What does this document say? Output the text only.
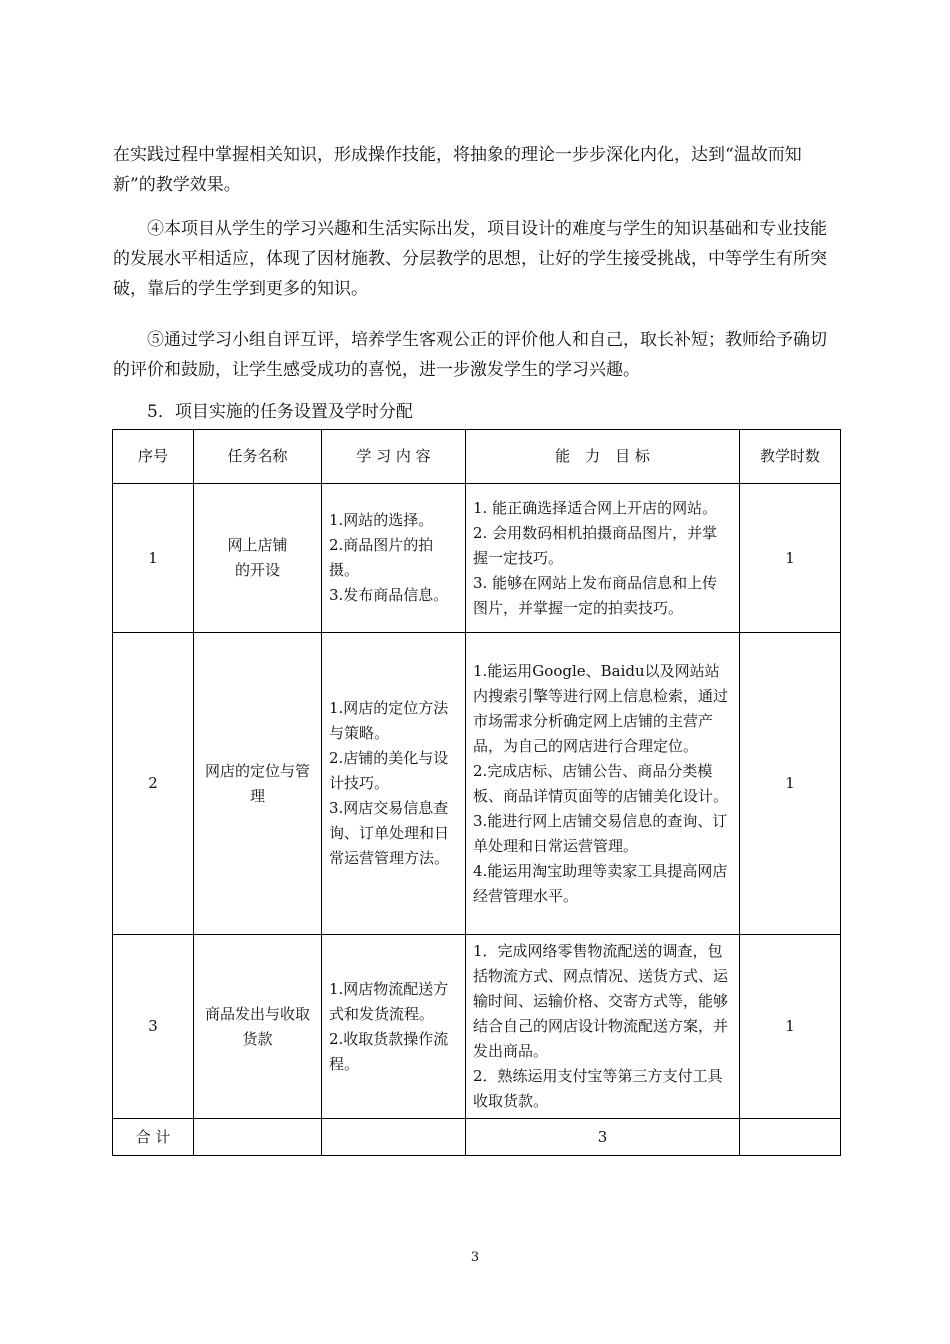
在实践过程中掌握相关知识，形成操作技能，将抽象的理论一步步深化内化，达到“温故而知新”的教学效果。

④本项目从学生的学习兴趣和生活实际出发，项目设计的难度与学生的知识基础和专业技能的发展水平相适应，体现了因材施教、分层教学的思想，让好的学生接受挑战，中等学生有所突破，靠后的学生学到更多的知识。

⑤通过学习小组自评互评，培养学生客观公正的评价他人和自己，取长补短；教师给予确切的评价和鼓励，让学生感受成功的喜悦，进一步激发学生的学习兴趣。

5．项目实施的任务设置及学时分配

序号	任务名称	学 习 内 容	能　力　目 标	教学时数
1	网上店铺
的开设	1.网站的选择。
2.商品图片的拍摄。
3.发布商品信息。	1. 能正确选择适合网上开店的网站。
2. 会用数码相机拍摄商品图片，并掌握一定技巧。
3. 能够在网站上发布商品信息和上传图片，并掌握一定的拍卖技巧。	1
2	网店的定位与管理	1.网店的定位方法与策略。
2.店铺的美化与设计技巧。
3.网店交易信息查询、订单处理和日常运营管理方法。	1.能运用Google、Baidu以及网站站内搜索引擎等进行网上信息检索，通过市场需求分析确定网上店铺的主营产品，为自己的网店进行合理定位。
2.完成店标、店铺公告、商品分类模板、商品详情页面等的店铺美化设计。
3.能进行网上店铺交易信息的查询、订单处理和日常运营管理。
4.能运用淘宝助理等卖家工具提高网店经营管理水平。	1
3	商品发出与收取货款	1.网店物流配送方式和发货流程。
2.收取货款操作流程。	1．完成网络零售物流配送的调查，包括物流方式、网点情况、送货方式、运输时间、运输价格、交寄方式等，能够结合自己的网店设计物流配送方案，并发出商品。
2．熟练运用支付宝等第三方支付工具收取货款。	1
合 计			3	
3
